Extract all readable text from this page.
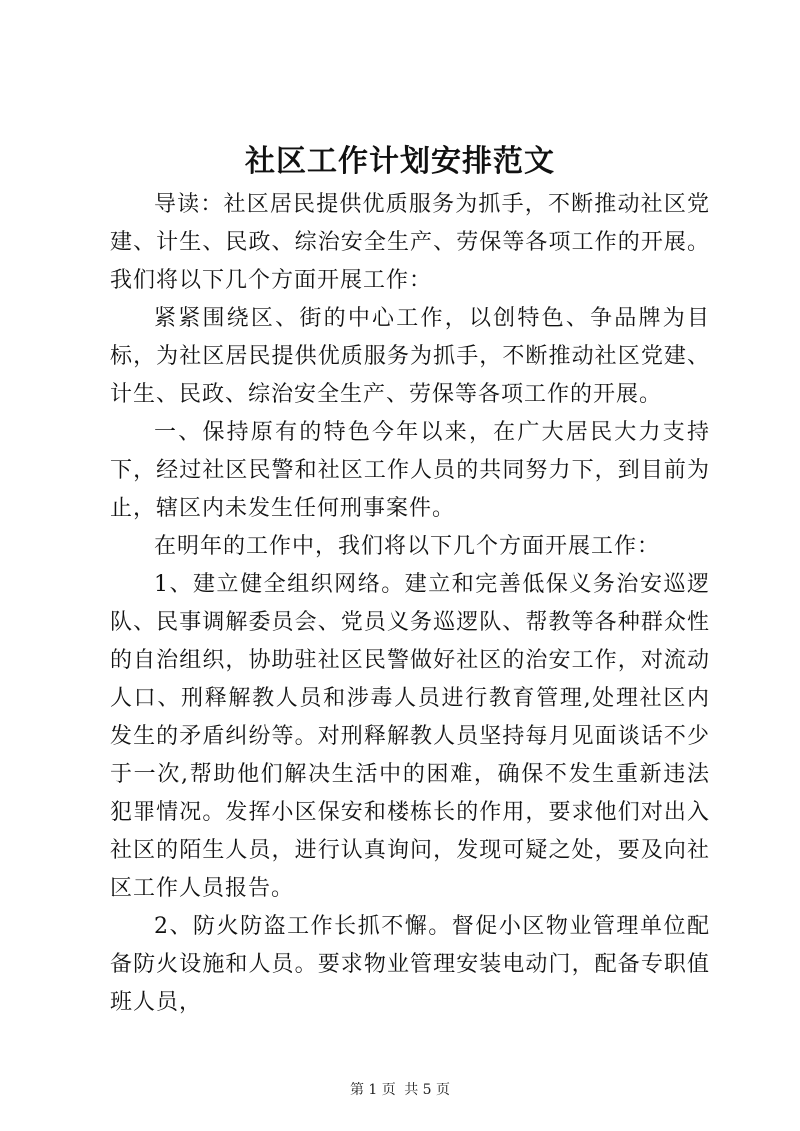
社区工作计划安排范文

导读：社区居民提供优质服务为抓手，不断推动社区党建、计生、民政、综治安全生产、劳保等各项工作的开展。我们将以下几个方面开展工作：

紧紧围绕区、街的中心工作，以创特色、争品牌为目标，为社区居民提供优质服务为抓手，不断推动社区党建、计生、民政、综治安全生产、劳保等各项工作的开展。

一、保持原有的特色今年以来，在广大居民大力支持下，经过社区民警和社区工作人员的共同努力下，到目前为止，辖区内未发生任何刑事案件。

在明年的工作中，我们将以下几个方面开展工作：

1、建立健全组织网络。建立和完善低保义务治安巡逻队、民事调解委员会、党员义务巡逻队、帮教等各种群众性的自治组织，协助驻社区民警做好社区的治安工作，对流动人口、刑释解教人员和涉毒人员进行教育管理,处理社区内发生的矛盾纠纷等。对刑释解教人员坚持每月见面谈话不少于一次,帮助他们解决生活中的困难，确保不发生重新违法犯罪情况。发挥小区保安和楼栋长的作用，要求他们对出入社区的陌生人员，进行认真询问，发现可疑之处，要及向社区工作人员报告。

2、防火防盗工作长抓不懈。督促小区物业管理单位配备防火设施和人员。要求物业管理安装电动门，配备专职值班人员，

第 1 页 共 5 页
